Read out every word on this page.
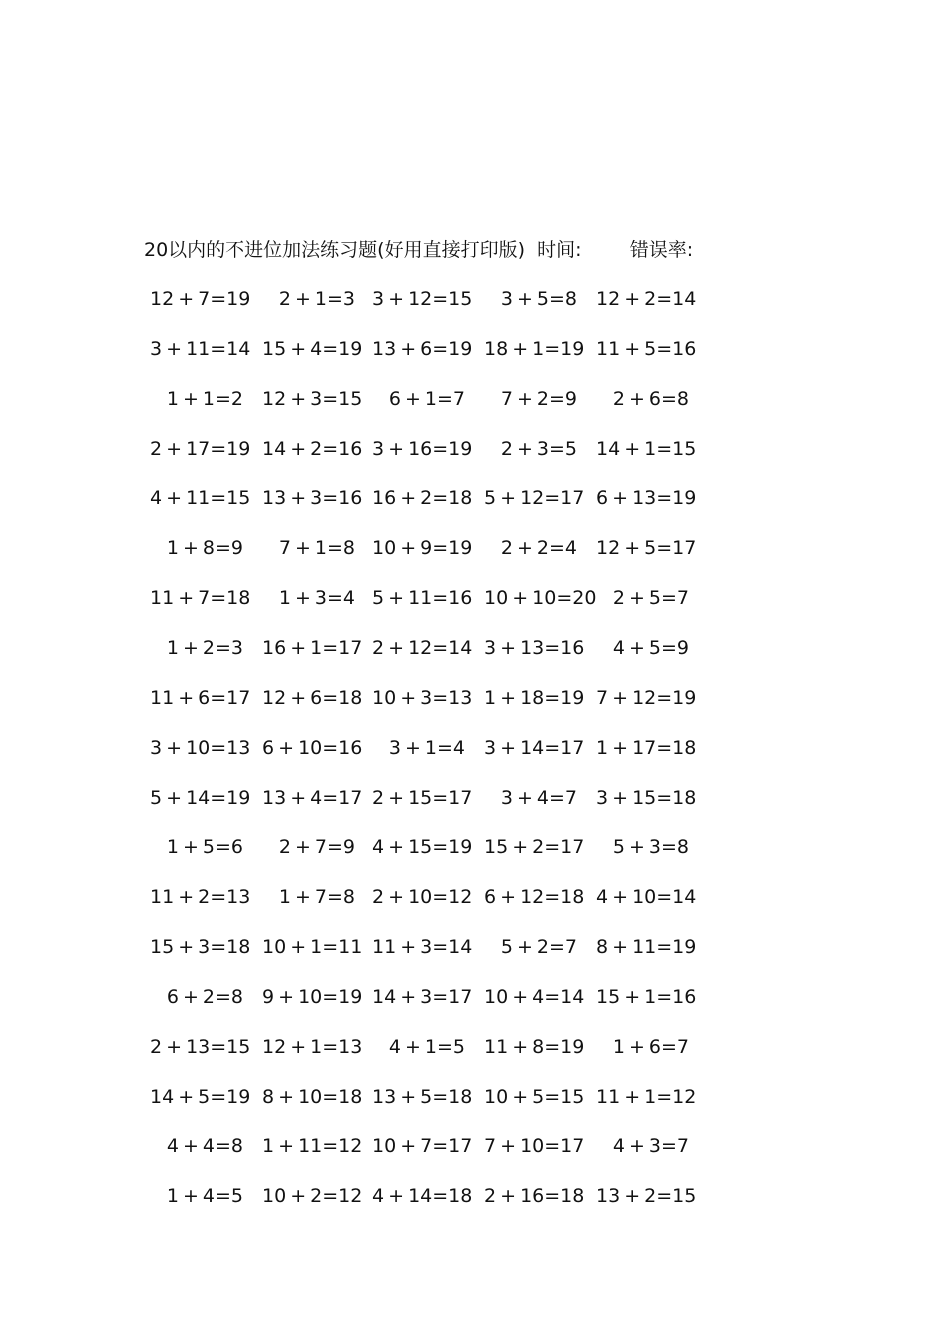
20以内的不进位加法练习题(好用直接打印版)  时间:        错误率:
12 + 7=19 2 + 1=3 3 + 12=15 3 + 5=8 12 + 2=14
3 + 11=14 15 + 4=19 13 + 6=19 18 + 1=19 11 + 5=16
1 + 1=2 12 + 3=15 6 + 1=7 7 + 2=9 2 + 6=8
2 + 17=19 14 + 2=16 3 + 16=19 2 + 3=5 14 + 1=15
4 + 11=15 13 + 3=16 16 + 2=18 5 + 12=17 6 + 13=19
1 + 8=9 7 + 1=8 10 + 9=19 2 + 2=4 12 + 5=17
11 + 7=18 1 + 3=4 5 + 11=16 10 + 10=20 2 + 5=7
1 + 2=3 16 + 1=17 2 + 12=14 3 + 13=16 4 + 5=9
11 + 6=17 12 + 6=18 10 + 3=13 1 + 18=19 7 + 12=19
3 + 10=13 6 + 10=16 3 + 1=4 3 + 14=17 1 + 17=18
5 + 14=19 13 + 4=17 2 + 15=17 3 + 4=7 3 + 15=18
1 + 5=6 2 + 7=9 4 + 15=19 15 + 2=17 5 + 3=8
11 + 2=13 1 + 7=8 2 + 10=12 6 + 12=18 4 + 10=14
15 + 3=18 10 + 1=11 11 + 3=14 5 + 2=7 8 + 11=19
6 + 2=8 9 + 10=19 14 + 3=17 10 + 4=14 15 + 1=16
2 + 13=15 12 + 1=13 4 + 1=5 11 + 8=19 1 + 6=7
14 + 5=19 8 + 10=18 13 + 5=18 10 + 5=15 11 + 1=12
4 + 4=8 1 + 11=12 10 + 7=17 7 + 10=17 4 + 3=7
1 + 4=5 10 + 2=12 4 + 14=18 2 + 16=18 13 + 2=15
